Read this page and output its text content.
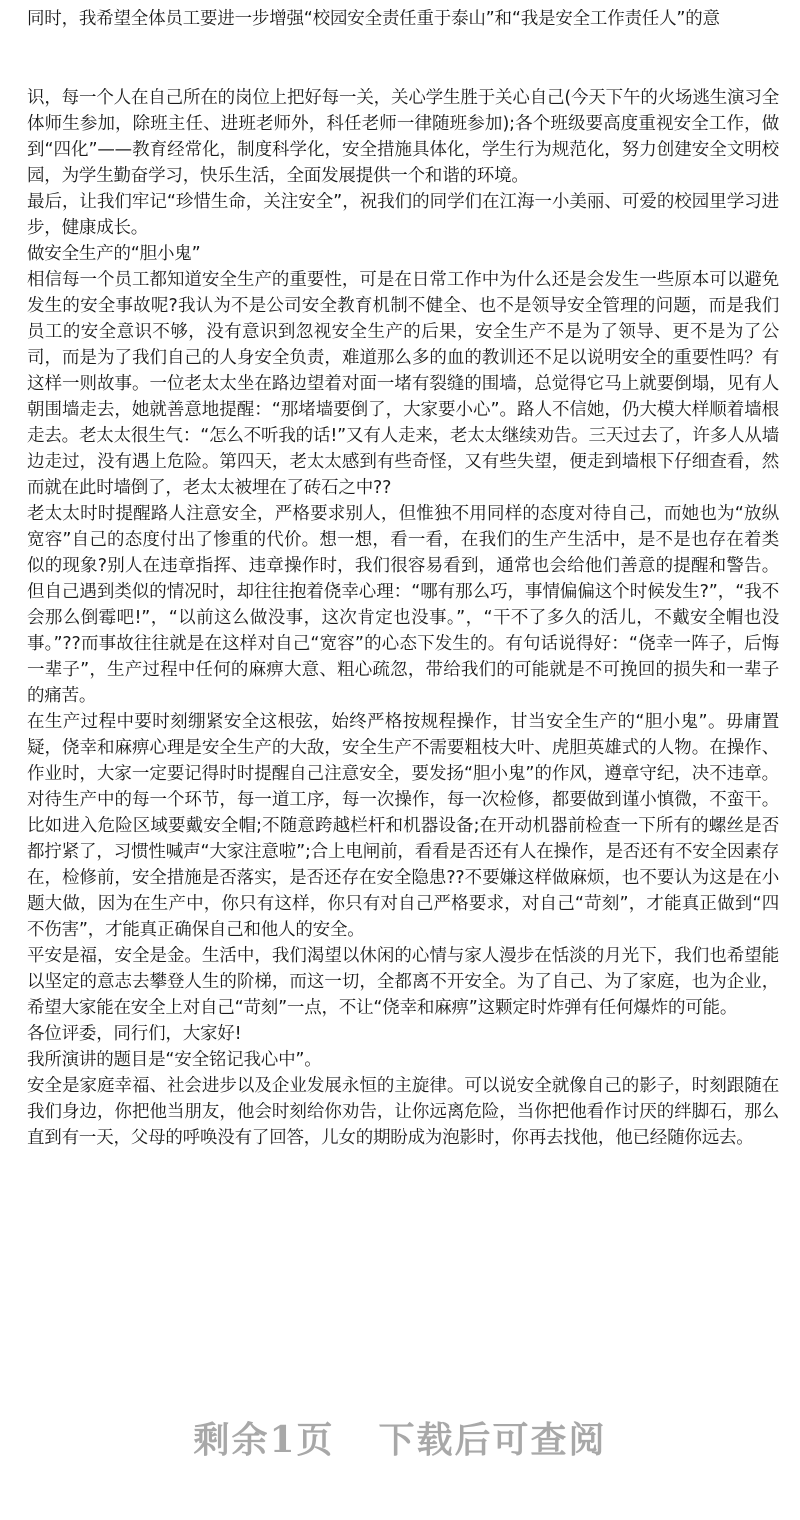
同时，我希望全体员工要进一步增强“校园安全责任重于泰山”和“我是安全工作责任人”的意

识，每一个人在自己所在的岗位上把好每一关，关心学生胜于关心自己(今天下午的火场逃生演习全体师生参加，除班主任、进班老师外，科任老师一律随班参加);各个班级要高度重视安全工作，做到“四化”——教育经常化，制度科学化，安全措施具体化，学生行为规范化，努力创建安全文明校园，为学生勤奋学习，快乐生活，全面发展提供一个和谐的环境。

最后，让我们牢记“珍惜生命，关注安全”，祝我们的同学们在江海一小美丽、可爱的校园里学习进步，健康成长。

做安全生产的“胆小鬼”

相信每一个员工都知道安全生产的重要性，可是在日常工作中为什么还是会发生一些原本可以避免发生的安全事故呢?我认为不是公司安全教育机制不健全、也不是领导安全管理的问题，而是我们员工的安全意识不够，没有意识到忽视安全生产的后果，安全生产不是为了领导、更不是为了公司，而是为了我们自己的人身安全负责，难道那么多的血的教训还不足以说明安全的重要性吗？有这样一则故事。一位老太太坐在路边望着对面一堵有裂缝的围墙，总觉得它马上就要倒塌，见有人朝围墙走去，她就善意地提醒：“那堵墙要倒了，大家要小心”。路人不信她，仍大模大样顺着墙根走去。老太太很生气：“怎么不听我的话!”又有人走来，老太太继续劝告。三天过去了，许多人从墙边走过，没有遇上危险。第四天，老太太感到有些奇怪，又有些失望，便走到墙根下仔细查看，然而就在此时墙倒了，老太太被埋在了砖石之中??

老太太时时提醒路人注意安全，严格要求别人，但惟独不用同样的态度对待自己，而她也为“放纵宽容”自己的态度付出了惨重的代价。想一想，看一看，在我们的生产生活中，是不是也存在着类似的现象?别人在违章指挥、违章操作时，我们很容易看到，通常也会给他们善意的提醒和警告。但自己遇到类似的情况时，却往往抱着侥幸心理：“哪有那么巧，事情偏偏这个时候发生?”，“我不会那么倒霉吧!”，“以前这么做没事，这次肯定也没事。”，“干不了多久的活儿，不戴安全帽也没事。”??而事故往往就是在这样对自己“宽容”的心态下发生的。有句话说得好：“侥幸一阵子，后悔一辈子”，生产过程中任何的麻痹大意、粗心疏忽，带给我们的可能就是不可挽回的损失和一辈子的痛苦。

在生产过程中要时刻绷紧安全这根弦，始终严格按规程操作，甘当安全生产的“胆小鬼”。毋庸置疑，侥幸和麻痹心理是安全生产的大敌，安全生产不需要粗枝大叶、虎胆英雄式的人物。在操作、作业时，大家一定要记得时时提醒自己注意安全，要发扬“胆小鬼”的作风，遵章守纪，决不违章。对待生产中的每一个环节，每一道工序，每一次操作，每一次检修，都要做到谨小慎微，不蛮干。比如进入危险区域要戴安全帽;不随意跨越栏杆和机器设备;在开动机器前检查一下所有的螺丝是否都拧紧了，习惯性喊声“大家注意啦”;合上电闸前，看看是否还有人在操作，是否还有不安全因素存在，检修前，安全措施是否落实，是否还存在安全隐患??不要嫌这样做麻烦，也不要认为这是在小题大做，因为在生产中，你只有这样，你只有对自己严格要求，对自己“苛刻”，才能真正做到“四不伤害”，才能真正确保自己和他人的安全。

平安是福，安全是金。生活中，我们渴望以休闲的心情与家人漫步在恬淡的月光下，我们也希望能以坚定的意志去攀登人生的阶梯，而这一切，全都离不开安全。为了自己、为了家庭，也为企业，希望大家能在安全上对自己“苛刻”一点，不让“侥幸和麻痹”这颗定时炸弹有任何爆炸的可能。

各位评委，同行们，大家好!

我所演讲的题目是“安全铭记我心中”。

安全是家庭幸福、社会进步以及企业发展永恒的主旋律。可以说安全就像自己的影子，时刻跟随在我们身边，你把他当朋友，他会时刻给你劝告，让你远离危险，当你把他看作讨厌的绊脚石，那么直到有一天，父母的呼唤没有了回答，儿女的期盼成为泡影时，你再去找他，他已经随你远去。

剩余1页 下载后可查阅
